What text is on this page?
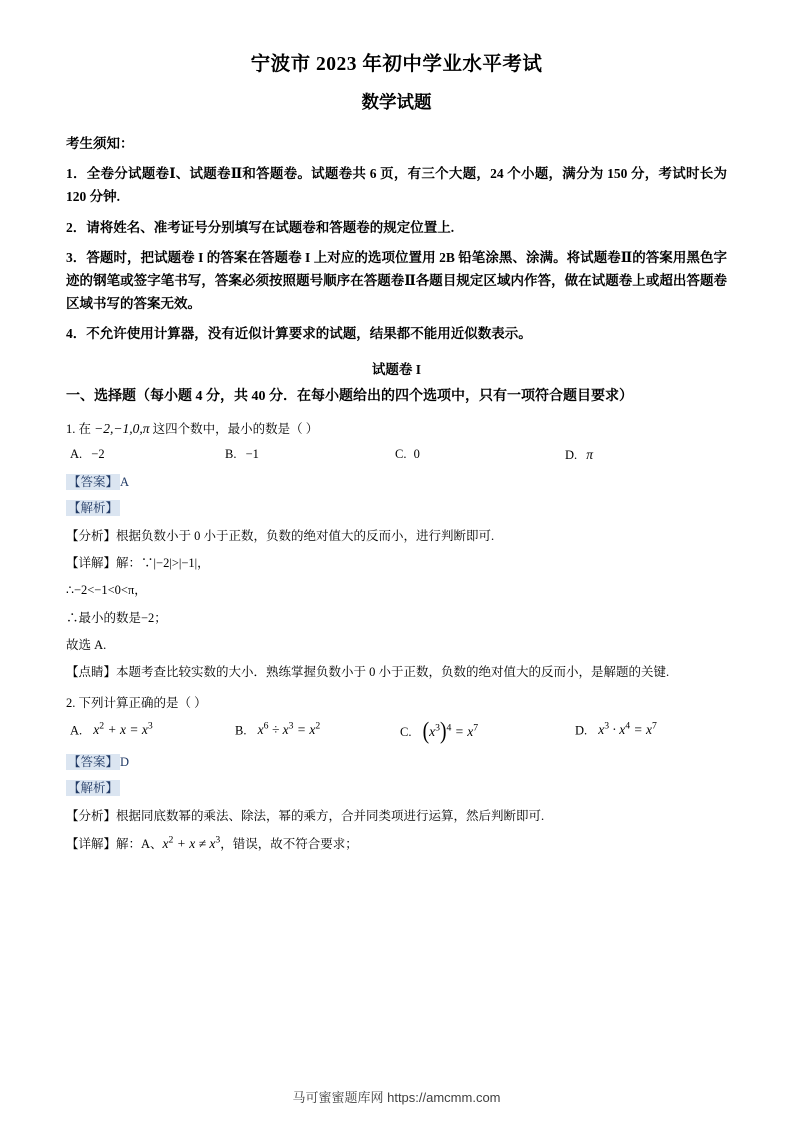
宁波市 2023 年初中学业水平考试
数学试题
考生须知：
1．全卷分试题卷Ⅰ、试题卷Ⅱ和答题卷。试题卷共 6 页，有三个大题，24 个小题，满分为 150 分，考试时长为 120 分钟.
2．请将姓名、准考证号分别填写在试题卷和答题卷的规定位置上.
3．答题时，把试题卷 I 的答案在答题卷 I 上对应的选项位置用 2B 铅笔涂黑、涂满。将试题卷Ⅱ的答案用黑色字迹的钢笔或签字笔书写，答案必须按照题号顺序在答题卷Ⅱ各题目规定区域内作答，做在试题卷上或超出答题卷区域书写的答案无效。
4．不允许使用计算器，没有近似计算要求的试题，结果都不能用近似数表示。
试题卷 I
一、选择题（每小题 4 分，共 40 分．在每小题给出的四个选项中，只有一项符合题目要求）
1. 在 −2,−1,0,π 这四个数中，最小的数是（ ）
A. −2	B. −1	C. 0	D. π
【答案】 A
【解析】
【分析】根据负数小于 0 小于正数，负数的绝对值大的反而小，进行判断即可.
【详解】解：∵|−2|>|−1|，
∴−2<−1<0<π，
∴最小的数是−2；
故选 A.
【点睛】本题考查比较实数的大小．熟练掌握负数小于 0 小于正数，负数的绝对值大的反而小，是解题的关键.
2. 下列计算正确的是（ ）
A. $x^2 + x = x^3$	B. $x^6 \div x^3 = x^2$	C. $(x^3)^4 = x^7$	D. $x^3 \cdot x^4 = x^7$
【答案】 D
【解析】
【分析】根据同底数幂的乘法、除法，幂的乘方，合并同类项进行运算，然后判断即可.
【详解】解：A、$x^2 + x \ne x^3$，错误，故不符合要求；
马可蜜蜜题库网 https://amcmm.com
